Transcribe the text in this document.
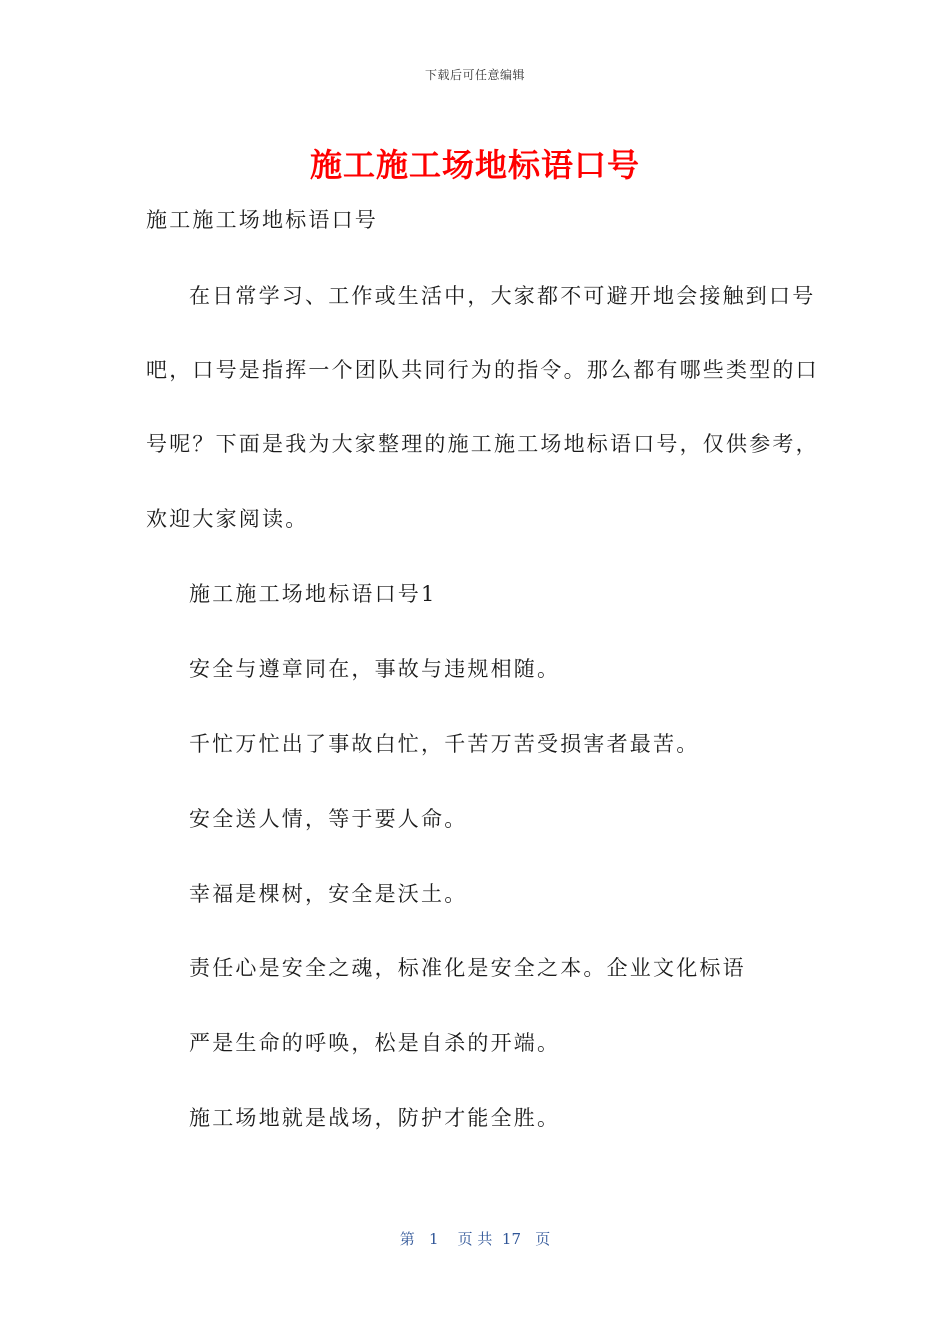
下载后可任意编辑
施工施工场地标语口号
施工施工场地标语口号
在日常学习、工作或生活中，大家都不可避开地会接触到口号
吧，口号是指挥一个团队共同行为的指令。那么都有哪些类型的口
号呢？下面是我为大家整理的施工施工场地标语口号，仅供参考，
欢迎大家阅读。
施工施工场地标语口号1
安全与遵章同在，事故与违规相随。
千忙万忙出了事故白忙，千苦万苦受损害者最苦。
安全送人情，等于要人命。
幸福是棵树，安全是沃土。
责任心是安全之魂，标准化是安全之本。企业文化标语
严是生命的呼唤，松是自杀的开端。
施工场地就是战场，防护才能全胜。
第   1    页 共  17   页
